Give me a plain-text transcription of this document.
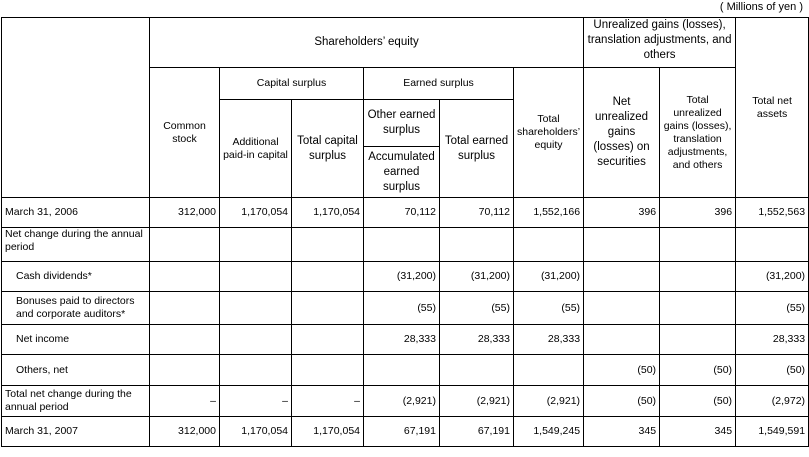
( Millions of yen )
	Shareholders’ equity						Unrealized gains (losses), translation adjustments, and others		Total net assets
	Common stock	Capital surplus		Earned surplus		Total shareholders’ equity	Net unrealized gains (losses) on securities	Total unrealized gains (losses), translation adjustments, and others	
		Additional paid-in capital	Total capital surplus	Other earned surplus	Total earned surplus				
				Accumulated earned surplus					
March 31, 2006	312,000	1,170,054	1,170,054	70,112	70,112	1,552,166	396	396	1,552,563
Net change during the annual period									
Cash dividends*				(31,200)	(31,200)	(31,200)			(31,200)
Bonuses paid to directors and corporate auditors*				(55)	(55)	(55)			(55)
Net income				28,333	28,333	28,333			28,333
Others, net							(50)	(50)	(50)
Total net change during the annual period	–	–	–	(2,921)	(2,921)	(2,921)	(50)	(50)	(2,972)
March 31, 2007	312,000	1,170,054	1,170,054	67,191	67,191	1,549,245	345	345	1,549,591
